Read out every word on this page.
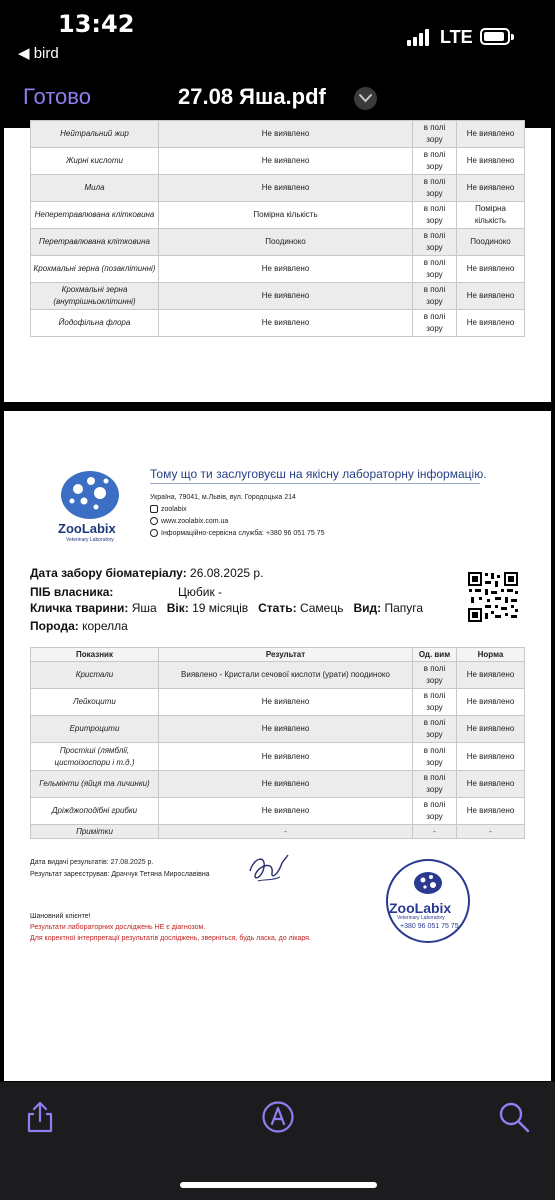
13:42
◀ bird
LTE
Готово	27.08 Яша.pdf
Нейтральний жир	Не виявлено	в полі зору	Не виявлено
Жирні кислоти	Не виявлено	в полі зору	Не виявлено
Мила	Не виявлено	в полі зору	Не виявлено
Неперетравлювана клітковина	Помірна кількість	в полі зору	Помірна кількість
Перетравлювана клітковина	Поодиноко	в полі зору	Поодиноко
Крохмальні зерна (позаклітинні)	Не виявлено	в полі зору	Не виявлено
Крохмальні зерна (внутрішньоклітинні)	Не виявлено	в полі зору	Не виявлено
Йодофільна флора	Не виявлено	в полі зору	Не виявлено
ZooLabix
Veterinary Laboratory
Тому що ти заслуговуєш на якісну лабораторну інформацію.
Україна, 79041, м.Львів, вул. Городоцька 214
zoolabix
www.zoolabix.com.ua
Інформаційно-сервісна служба: +380 96 051 75 75
Дата забору біоматеріалу: 26.08.2025 р.
ПІБ власника:	Цюбик -
Кличка тварини: Яша Вік: 19 місяців Стать: Самець Вид: Папуга
Порода: корелла
Показник	Результат	Од. вим	Норма
Кристали	Виявлено - Кристали сечової кислоти (урати) поодиноко	в полі зору	Не виявлено
Лейкоцити	Не виявлено	в полі зору	Не виявлено
Еритроцити	Не виявлено	в полі зору	Не виявлено
Простіші (лямблії, цистоізоспори і т.д.)	Не виявлено	в полі зору	Не виявлено
Гельмінти (яйця та личинки)	Не виявлено	в полі зору	Не виявлено
Дріжджоподібні грибки	Не виявлено	в полі зору	Не виявлено
Примітки	-	-	-
Дата видачі результатів: 27.08.2025 р.
Результат зареєстрував: Драччук Тетяна Мирославівна
ZooLabix
Veterinary Laboratory
+380 96 051 75 75
Шановний клієнте!
Результати лабораторних досліджень НЕ є діагнозом.
Для коректної інтерпретації результатів досліджень, зверніться, будь ласка, до лікаря.
